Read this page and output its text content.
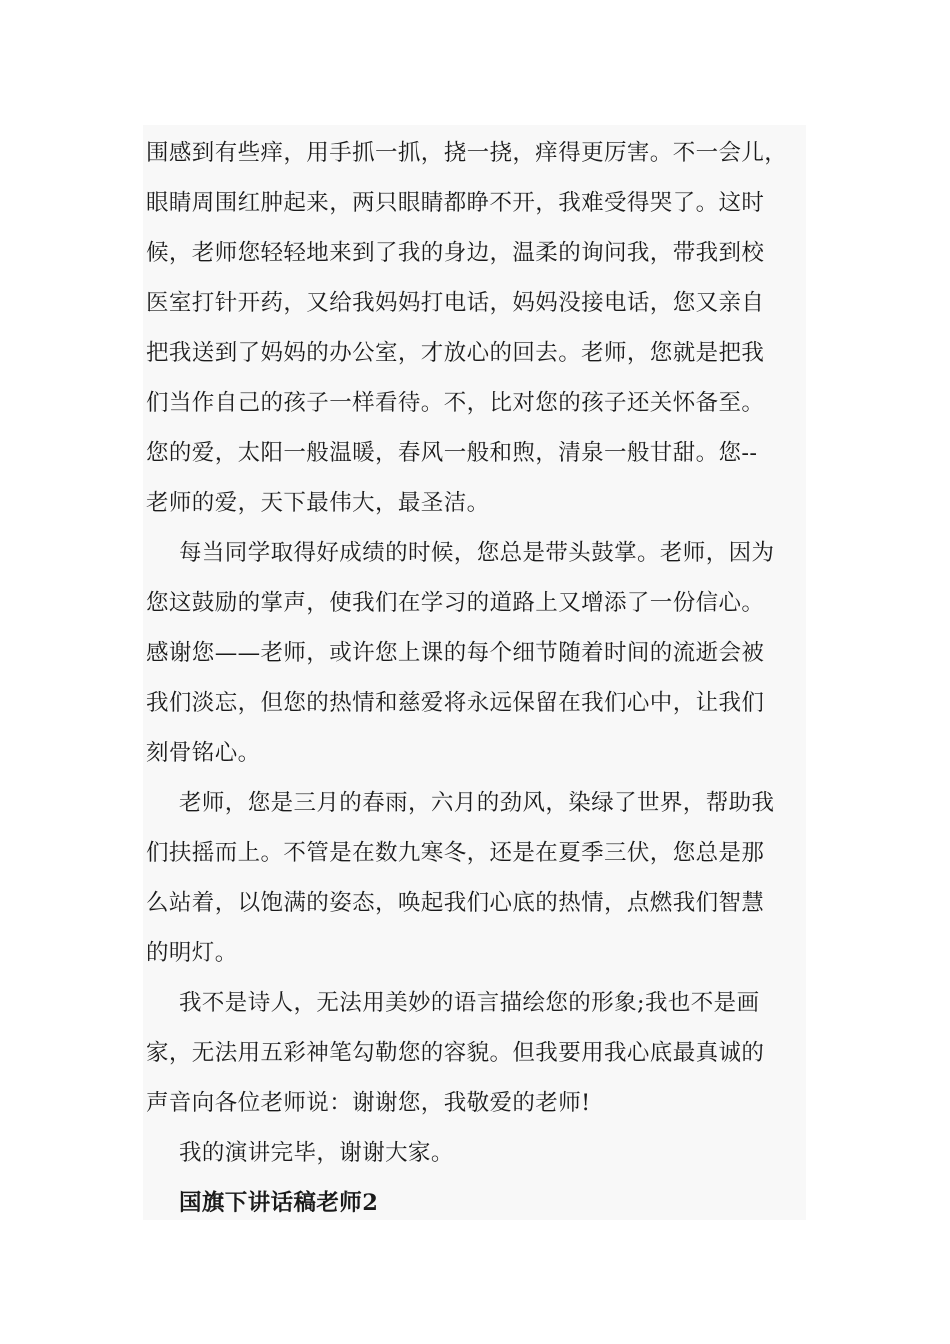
围感到有些痒，用手抓一抓，挠一挠，痒得更厉害。不一会儿，
眼睛周围红肿起来，两只眼睛都睁不开，我难受得哭了。这时
候，老师您轻轻地来到了我的身边，温柔的询问我，带我到校
医室打针开药，又给我妈妈打电话，妈妈没接电话，您又亲自
把我送到了妈妈的办公室，才放心的回去。老师，您就是把我
们当作自己的孩子一样看待。不，比对您的孩子还关怀备至。
您的爱，太阳一般温暖，春风一般和煦，清泉一般甘甜。您--
老师的爱，天下最伟大，最圣洁。
每当同学取得好成绩的时候，您总是带头鼓掌。老师，因为
您这鼓励的掌声，使我们在学习的道路上又增添了一份信心。
感谢您——老师，或许您上课的每个细节随着时间的流逝会被
我们淡忘，但您的热情和慈爱将永远保留在我们心中，让我们
刻骨铭心。
老师，您是三月的春雨，六月的劲风，染绿了世界，帮助我
们扶摇而上。不管是在数九寒冬，还是在夏季三伏，您总是那
么站着，以饱满的姿态，唤起我们心底的热情，点燃我们智慧
的明灯。
我不是诗人，无法用美妙的语言描绘您的形象;我也不是画
家，无法用五彩神笔勾勒您的容貌。但我要用我心底最真诚的
声音向各位老师说：谢谢您，我敬爱的老师!
我的演讲完毕，谢谢大家。
国旗下讲话稿老师2
